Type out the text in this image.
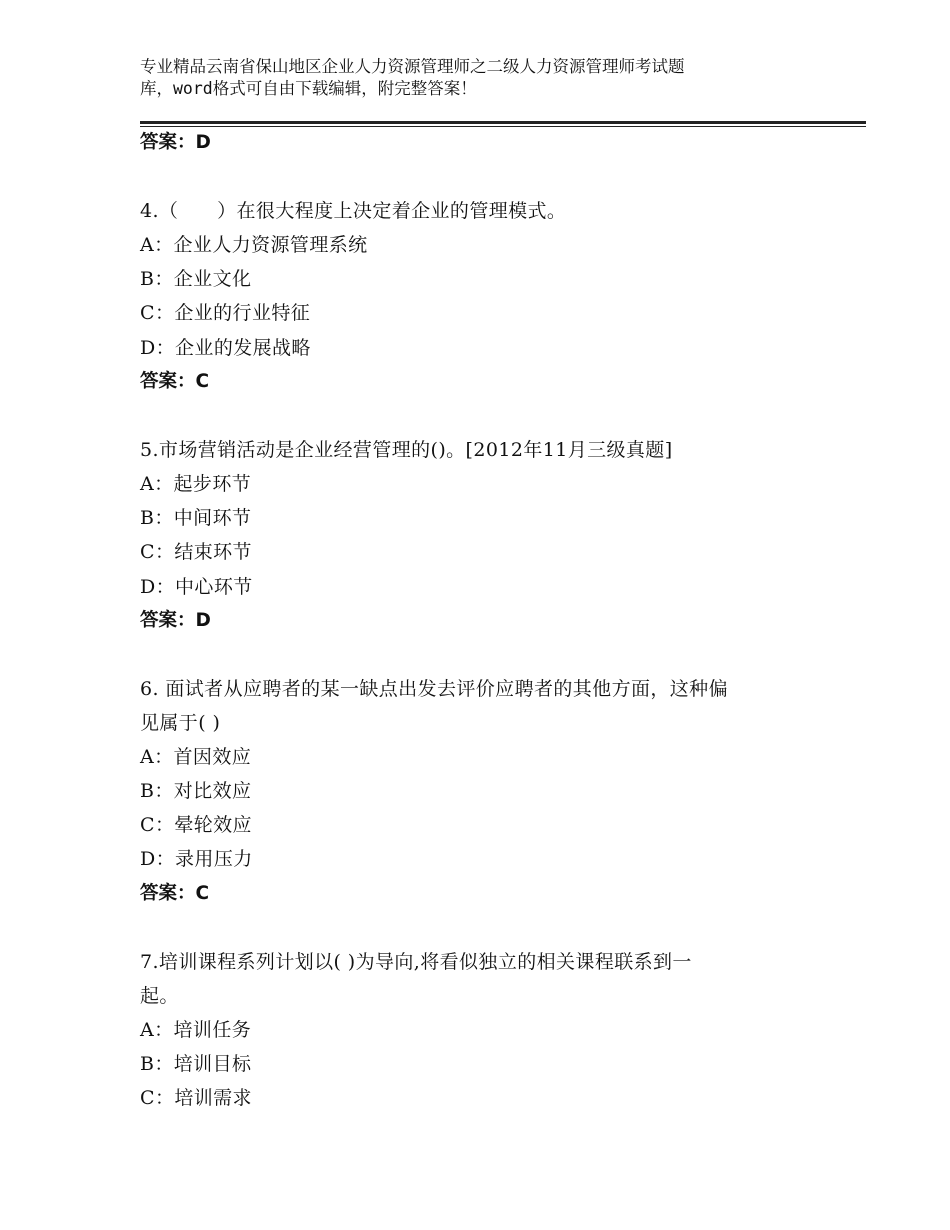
专业精品云南省保山地区企业人力资源管理师之二级人力资源管理师考试题
库，word格式可自由下载编辑，附完整答案！
答案：D
4.（　　）在很大程度上决定着企业的管理模式。
A：企业人力资源管理系统
B：企业文化
C：企业的行业特征
D：企业的发展战略
答案：C
5.市场营销活动是企业经营管理的()。[2012年11月三级真题]
A：起步环节
B：中间环节
C：结束环节
D：中心环节
答案：D
6. 面试者从应聘者的某一缺点出发去评价应聘者的其他方面，这种偏
见属于( )
A：首因效应
B：对比效应
C：晕轮效应
D：录用压力
答案：C
7.培训课程系列计划以( )为导向,将看似独立的相关课程联系到一
起。
A：培训任务
B：培训目标
C：培训需求
